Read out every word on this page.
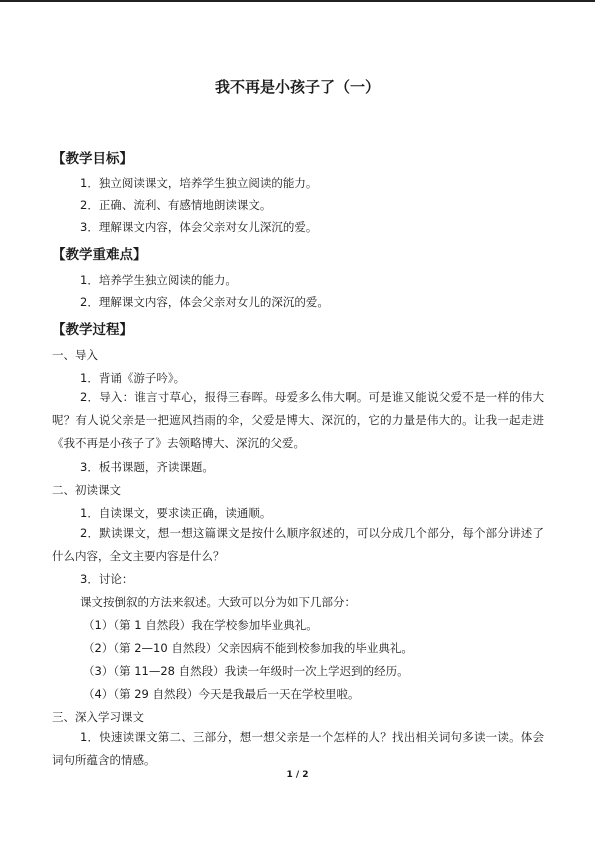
我不再是小孩子了（一）
【教学目标】
1．独立阅读课文，培养学生独立阅读的能力。
2．正确、流利、有感情地朗读课文。
3．理解课文内容，体会父亲对女儿深沉的爱。
【教学重难点】
1．培养学生独立阅读的能力。
2．理解课文内容，体会父亲对女儿的深沉的爱。
【教学过程】
一、导入
1．背诵《游子吟》。
2．导入：谁言寸草心，报得三春晖。母爱多么伟大啊。可是谁又能说父爱不是一样的伟大呢？有人说父亲是一把遮风挡雨的伞，父爱是博大、深沉的，它的力量是伟大的。让我一起走进《我不再是小孩子了》去领略博大、深沉的父爱。
3．板书课题，齐读课题。
二、初读课文
1．自读课文，要求读正确，读通顺。
2．默读课文，想一想这篇课文是按什么顺序叙述的，可以分成几个部分，每个部分讲述了什么内容，全文主要内容是什么？
3．讨论：
课文按倒叙的方法来叙述。大致可以分为如下几部分：
（1）（第 1 自然段）我在学校参加毕业典礼。
（2）（第 2—10 自然段）父亲因病不能到校参加我的毕业典礼。
（3）（第 11—28 自然段）我读一年级时一次上学迟到的经历。
（4）（第 29 自然段）今天是我最后一天在学校里啦。
三、深入学习课文
1．快速读课文第二、三部分，想一想父亲是一个怎样的人？找出相关词句多读一读。体会词句所蕴含的情感。
1 / 2
